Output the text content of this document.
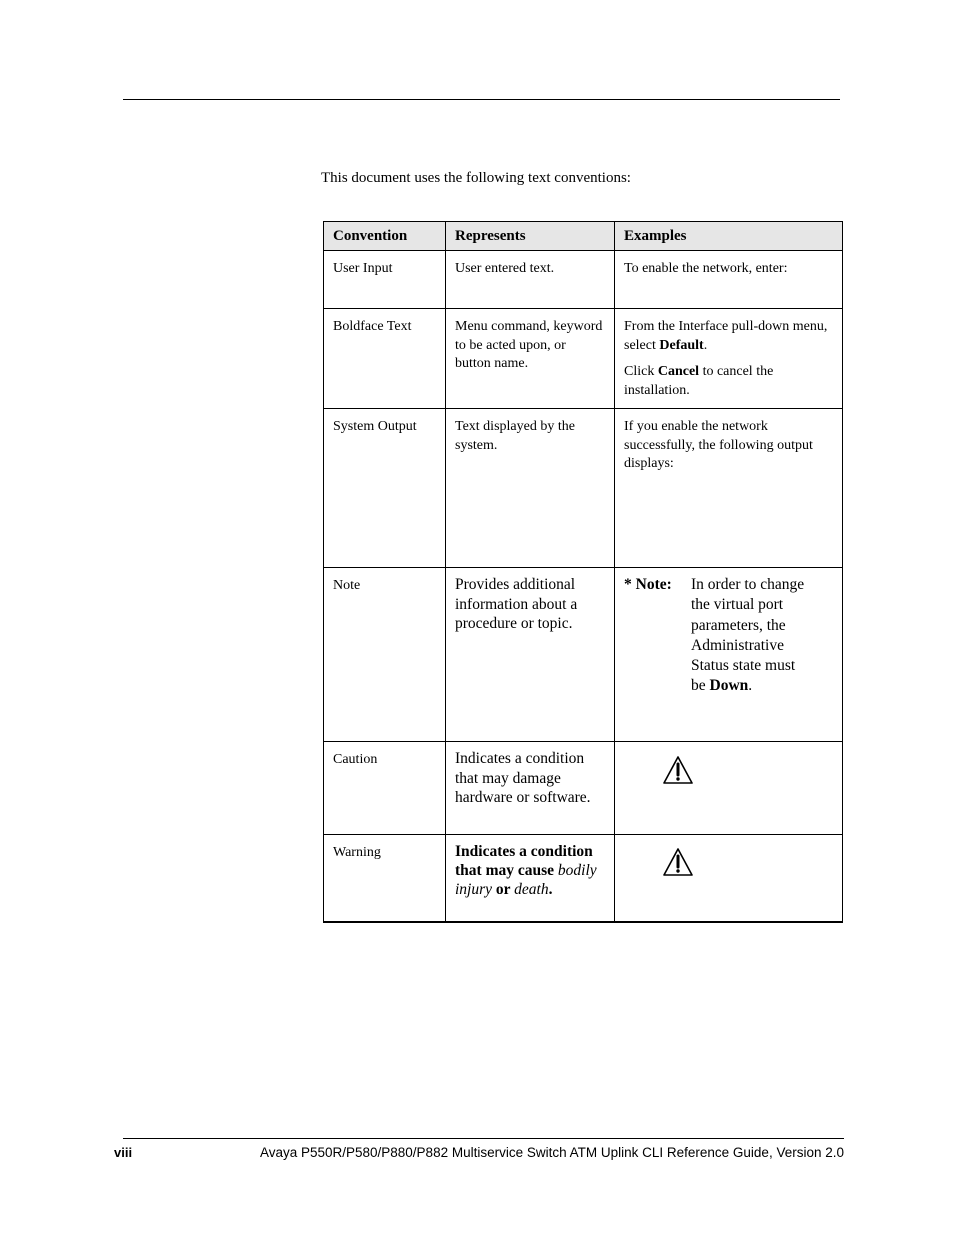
This document uses the following text conventions:
Convention	Represents	Examples
User Input	User entered text.	To enable the network, enter:
Boldface Text	Menu command, keyword to be acted upon, or button name.	From the Interface pull-down menu, select Default.

Click Cancel to cancel the installation.

System Output	Text displayed by the system.	If you enable the network successfully, the following output displays:
Note	Provides additional information about a procedure or topic.	* Note: In order to change the virtual port parameters, the Administrative Status state must be Down.

Caution	Indicates a condition that may damage hardware or software.	

Warning	Indicates a condition that may cause bodily injury or death.	
viii	Avaya P550R/P580/P880/P882 Multiservice Switch ATM Uplink CLI Reference Guide, Version 2.0
